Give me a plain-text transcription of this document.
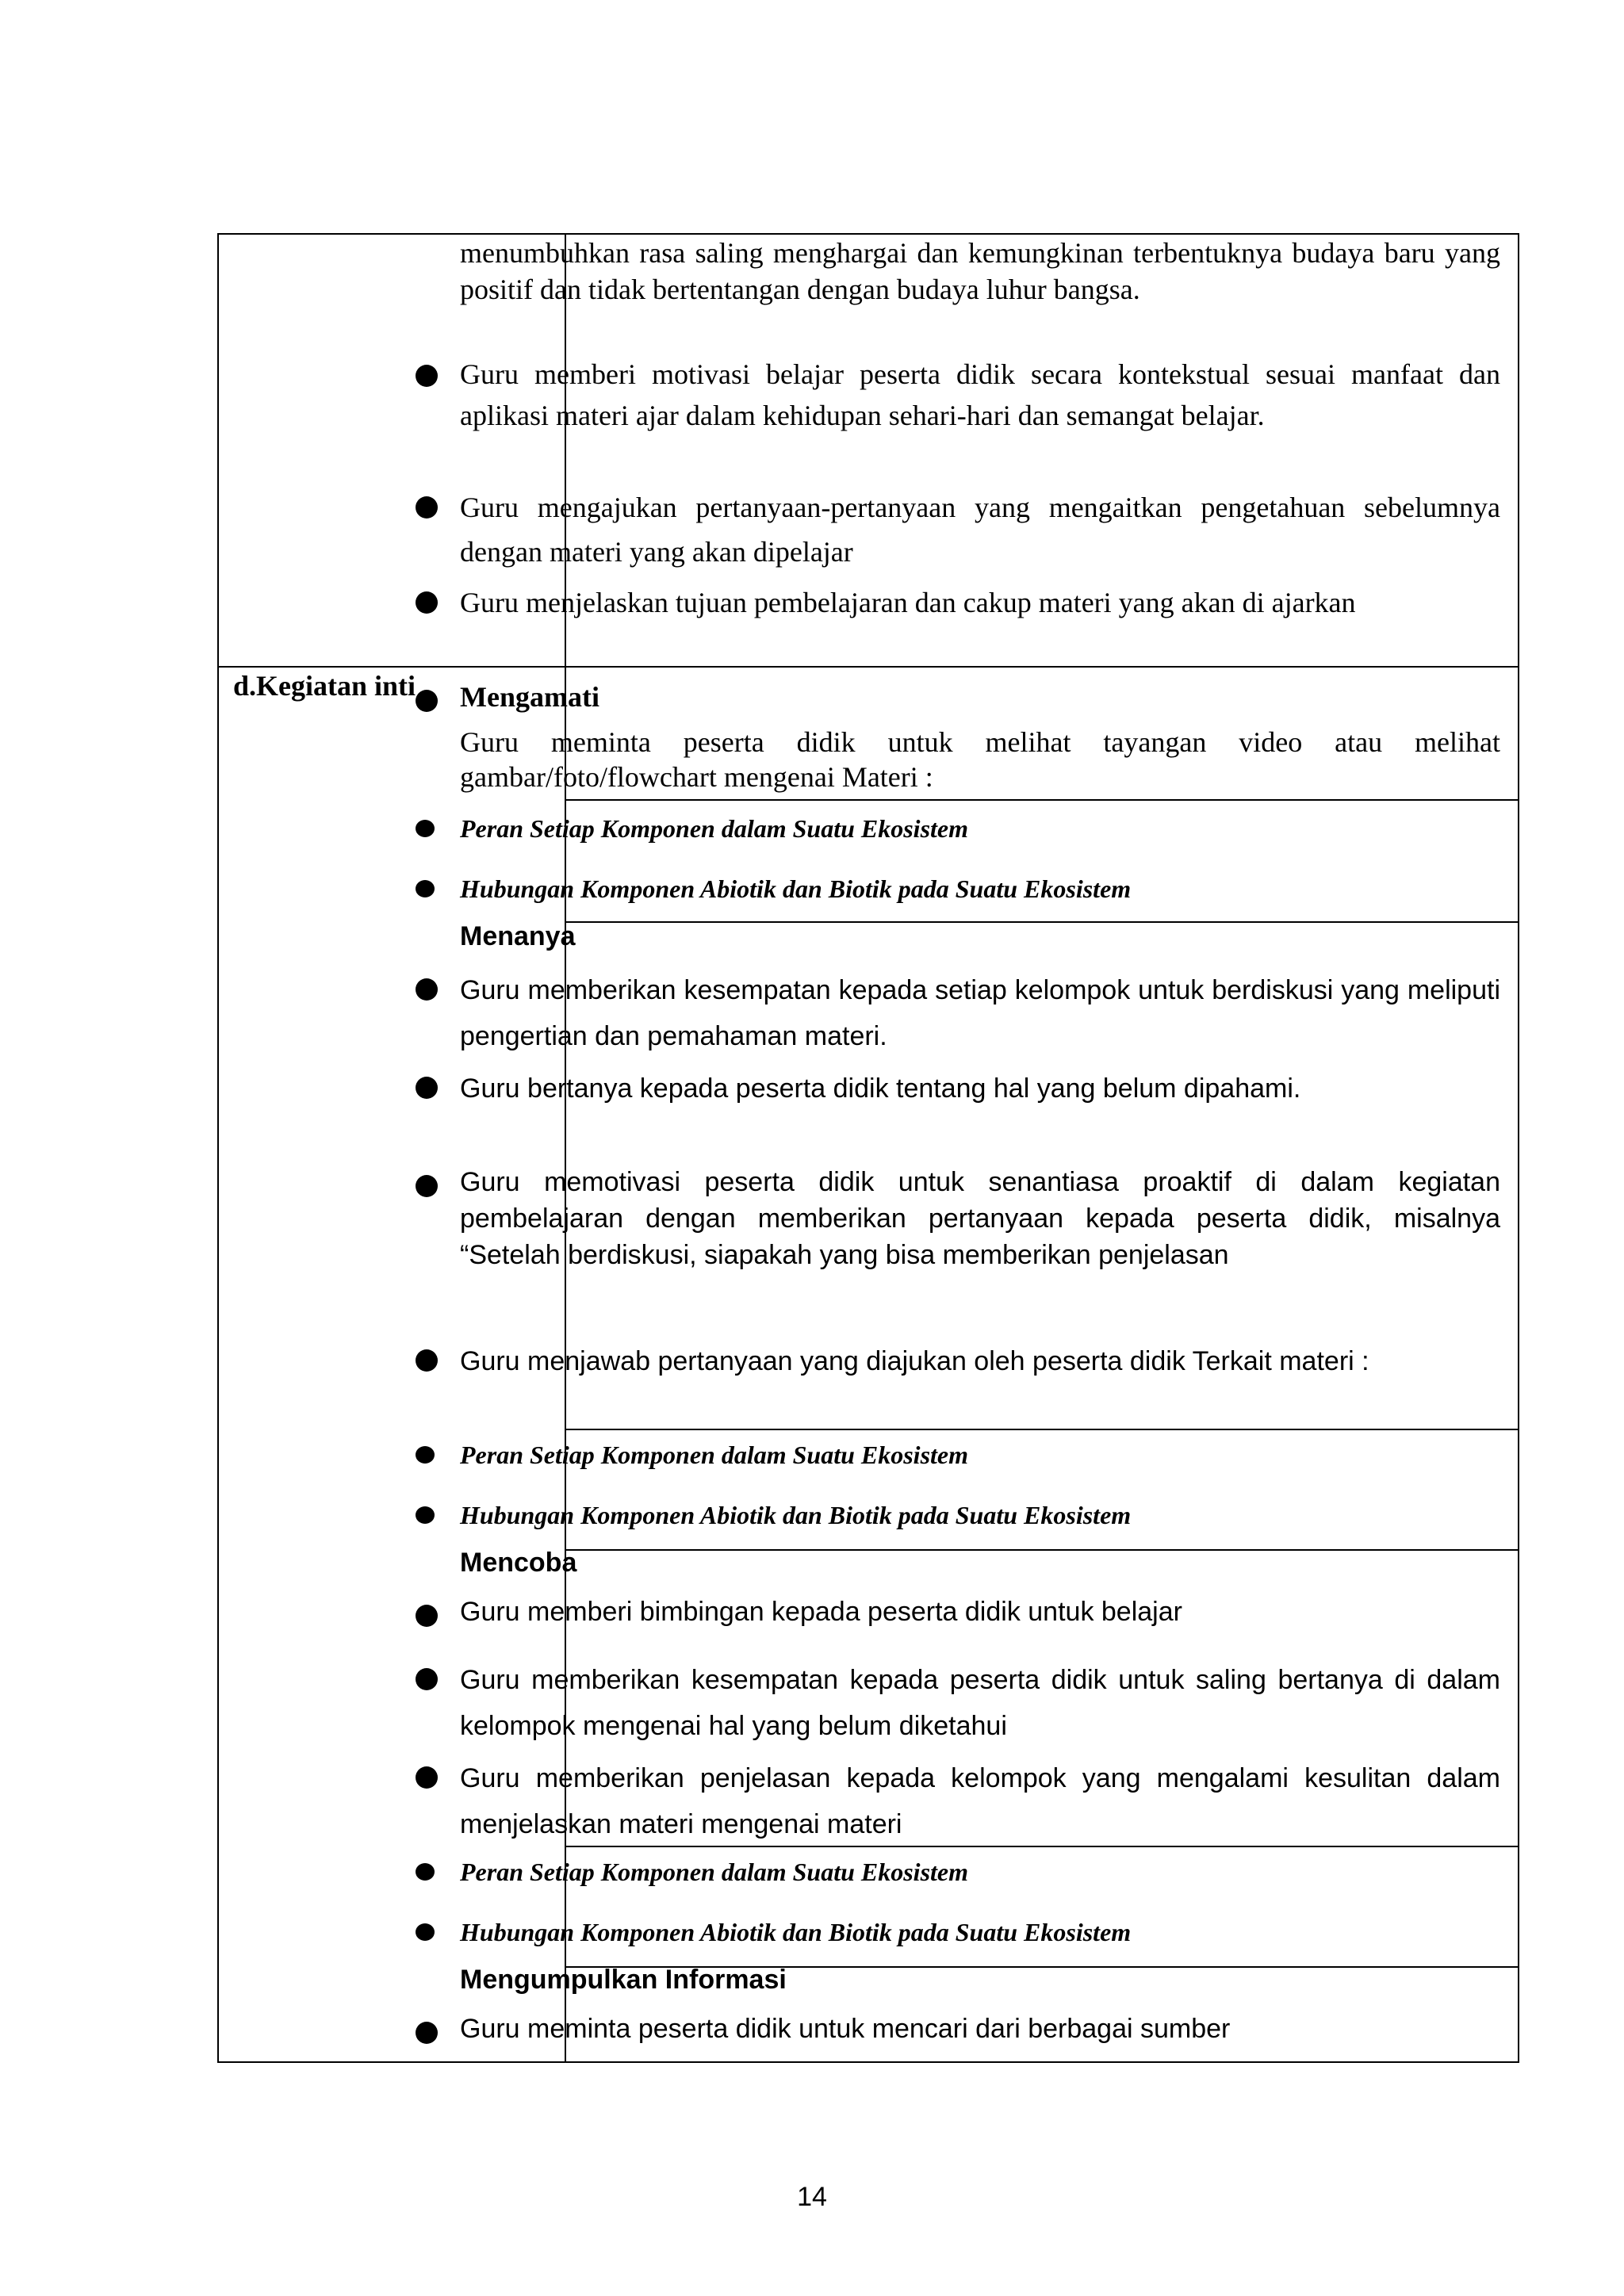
d.Kegiatan inti
menumbuhkan rasa saling menghargai dan kemungkinan terbentuknya budaya baru yang positif dan tidak bertentangan dengan budaya luhur bangsa.
Guru memberi motivasi belajar peserta didik secara kontekstual sesuai manfaat dan aplikasi materi ajar dalam kehidupan sehari-hari dan semangat belajar.
Guru mengajukan pertanyaan-pertanyaan yang mengaitkan pengetahuan sebelumnya dengan materi yang akan dipelajar
Guru menjelaskan tujuan pembelajaran dan cakup materi yang akan di ajarkan
Mengamati
Guru meminta peserta didik untuk melihat tayangan video atau melihat gambar/foto/flowchart mengenai Materi :
Peran Setiap Komponen dalam Suatu Ekosistem
Hubungan Komponen Abiotik dan Biotik pada Suatu Ekosistem
Menanya
Guru memberikan kesempatan kepada setiap kelompok untuk berdiskusi yang meliputi pengertian dan pemahaman materi.
Guru bertanya kepada peserta didik tentang hal yang belum dipahami.
Guru memotivasi peserta didik untuk senantiasa proaktif di dalam kegiatan pembelajaran dengan memberikan pertanyaan kepada peserta didik, misalnya “Setelah berdiskusi, siapakah yang bisa memberikan penjelasan
Guru menjawab pertanyaan yang diajukan oleh peserta didik Terkait materi :
Peran Setiap Komponen dalam Suatu Ekosistem
Hubungan Komponen Abiotik dan Biotik pada Suatu Ekosistem
Mencoba
Guru memberi bimbingan kepada peserta didik untuk belajar
Guru memberikan kesempatan kepada peserta didik untuk saling bertanya di dalam kelompok mengenai hal yang belum diketahui
Guru memberikan penjelasan kepada kelompok yang mengalami kesulitan dalam menjelaskan materi mengenai materi
Peran Setiap Komponen dalam Suatu Ekosistem
Hubungan Komponen Abiotik dan Biotik pada Suatu Ekosistem
Mengumpulkan Informasi
Guru meminta peserta didik untuk mencari dari berbagai sumber
14
